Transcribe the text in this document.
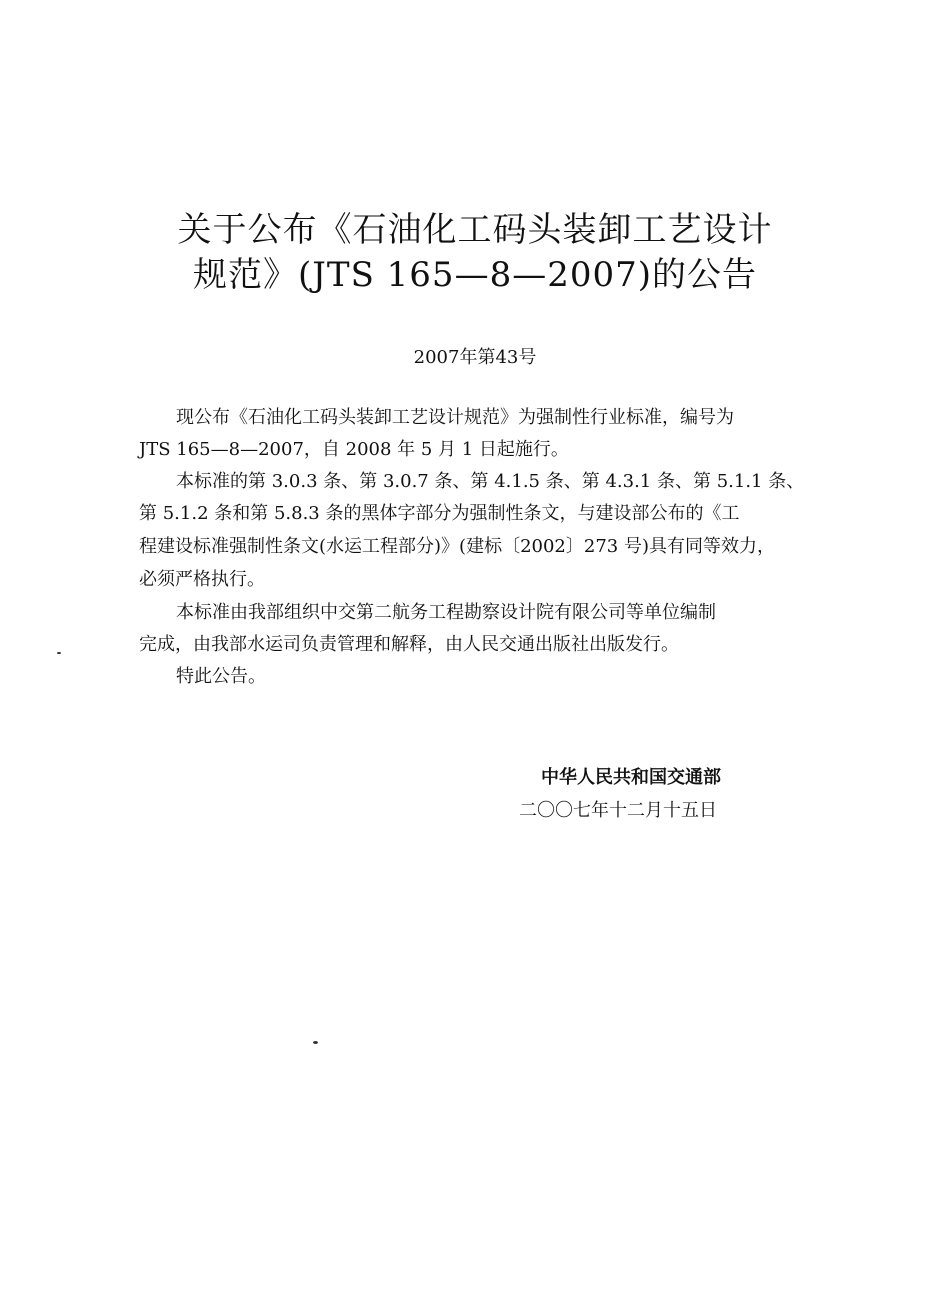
关于公布《石油化工码头装卸工艺设计
规范》(JTS 165—8—2007)的公告
2007年第43号
现公布《石油化工码头装卸工艺设计规范》为强制性行业标准，编号为
JTS 165—8—2007，自 2008 年 5 月 1 日起施行。
本标准的第 3.0.3 条、第 3.0.7 条、第 4.1.5 条、第 4.3.1 条、第 5.1.1 条、
第 5.1.2 条和第 5.8.3 条的黑体字部分为强制性条文，与建设部公布的《工
程建设标准强制性条文(水运工程部分)》(建标〔2002〕273 号)具有同等效力，
必须严格执行。
本标准由我部组织中交第二航务工程勘察设计院有限公司等单位编制
完成，由我部水运司负责管理和解释，由人民交通出版社出版发行。
特此公告。
中华人民共和国交通部
二〇〇七年十二月十五日
